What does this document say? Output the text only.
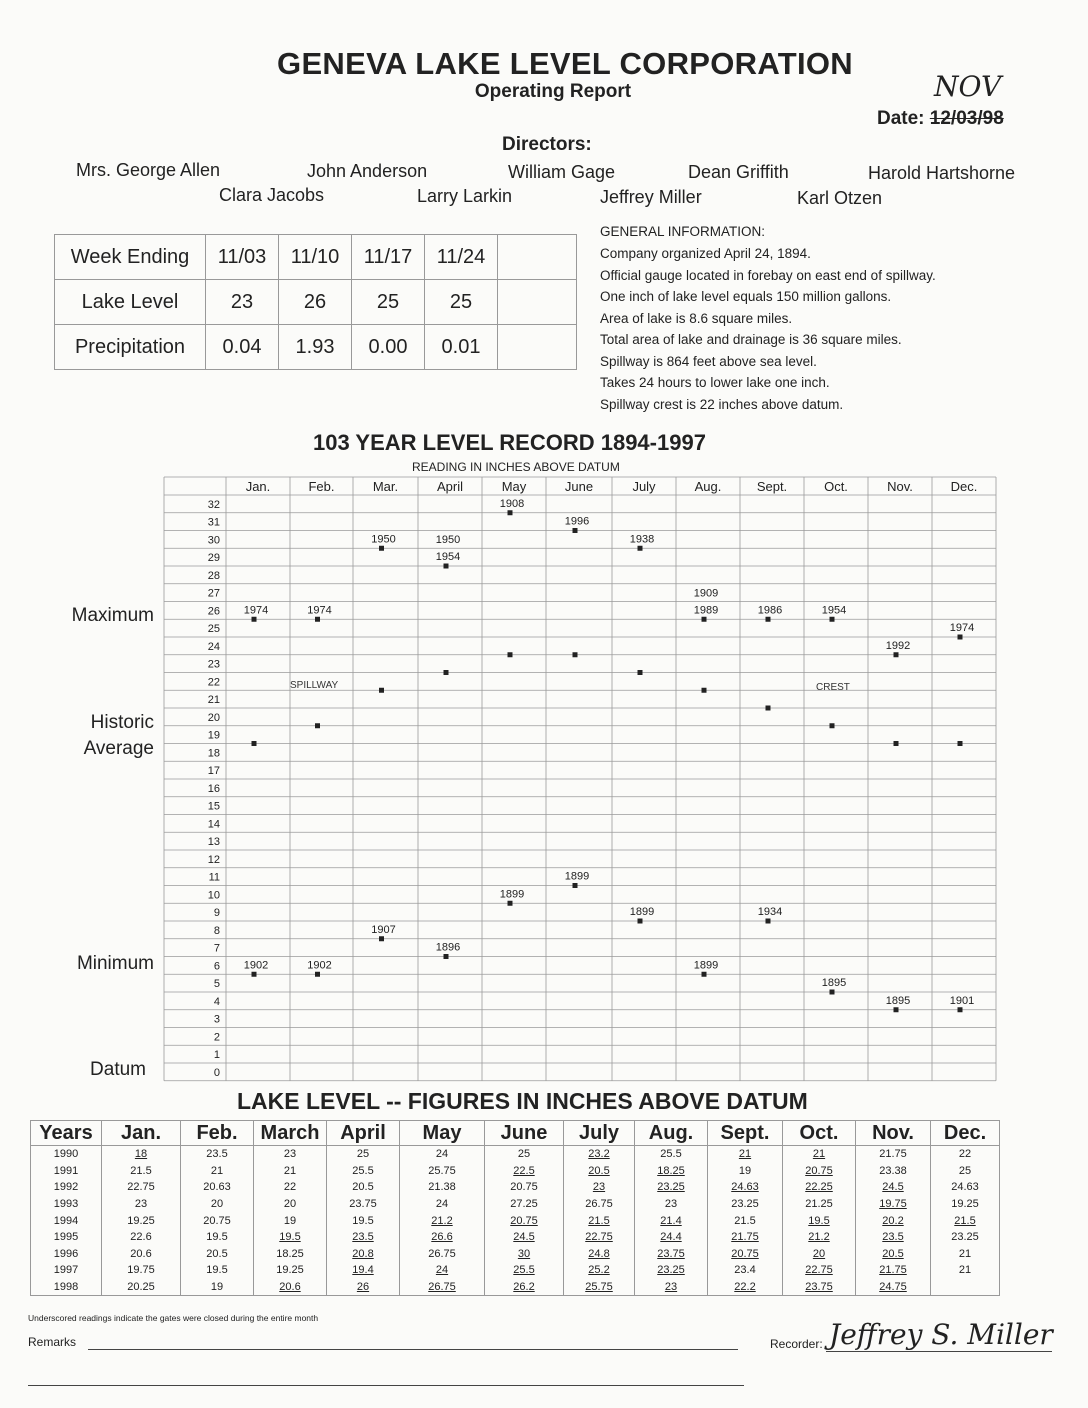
GENEVA LAKE LEVEL CORPORATION
Operating Report	NOV
Date: 12/03/98
Directors:
Mrs. George Allen	John Anderson	William Gage	Dean Griffith	Harold Hartshorne
Clara Jacobs	Larry Larkin	Jeffrey Miller	Karl Otzen
Week Ending	11/03	11/10	11/17	11/24	
Lake Level	23	26	25	25	
Precipitation	0.04	1.93	0.00	0.01	
GENERAL INFORMATION:
Company organized April 24, 1894.
Official gauge located in forebay on east end of spillway.
One inch of lake level equals 150 million gallons.
Area of lake is 8.6 square miles.
Total area of lake and drainage is 36 square miles.
Spillway is 864 feet above sea level.
Takes 24 hours to lower lake one inch.
Spillway crest is 22 inches above datum.
103 YEAR LEVEL RECORD 1894-1997
READING IN INCHES ABOVE DATUM
Maximum
Historic
Average
Minimum
Datum	0
1
2
3
4
5
6
7
8
9
10
11
12
13
14
15
16
17
18
19
20
21
22
23
24
25
26
27
28
29
30
31
32
Jan.	Feb.	Mar.	April	May	June	July	Aug.	Sept.	Oct.	Nov.	Dec.
1974	1974
1950	1950
1954
1908
1996
1938
1909
1989	1986	1954
1992
1974
1902	1902
1907
1896
1899
1899
1899
1899
1934
1895
1895	1901
SPILLWAY	CREST
LAKE LEVEL -- FIGURES IN INCHES ABOVE DATUM
Years	Jan.	Feb.	March	April	May	June	July	Aug.	Sept.	Oct.	Nov.	Dec.
1990	18	23.5	23	25	24	25	23.2	25.5	21	21	21.75	22
1991	21.5	21	21	25.5	25.75	22.5	20.5	18.25	19	20.75	23.38	25
1992	22.75	20.63	22	20.5	21.38	20.75	23	23.25	24.63	22.25	24.5	24.63
1993	23	20	20	23.75	24	27.25	26.75	23	23.25	21.25	19.75	19.25
1994	19.25	20.75	19	19.5	21.2	20.75	21.5	21.4	21.5	19.5	20.2	21.5
1995	22.6	19.5	19.5	23.5	26.6	24.5	22.75	24.4	21.75	21.2	23.5	23.25
1996	20.6	20.5	18.25	20.8	26.75	30	24.8	23.75	20.75	20	20.5	21
1997	19.75	19.5	19.25	19.4	24	25.5	25.2	23.25	23.4	22.75	21.75	21
1998	20.25	19	20.6	26	26.75	26.2	25.75	23	22.2	23.75	24.75	
Underscored readings indicate the gates were closed during the entire month
Remarks	Recorder: Jeffrey S. Miller
